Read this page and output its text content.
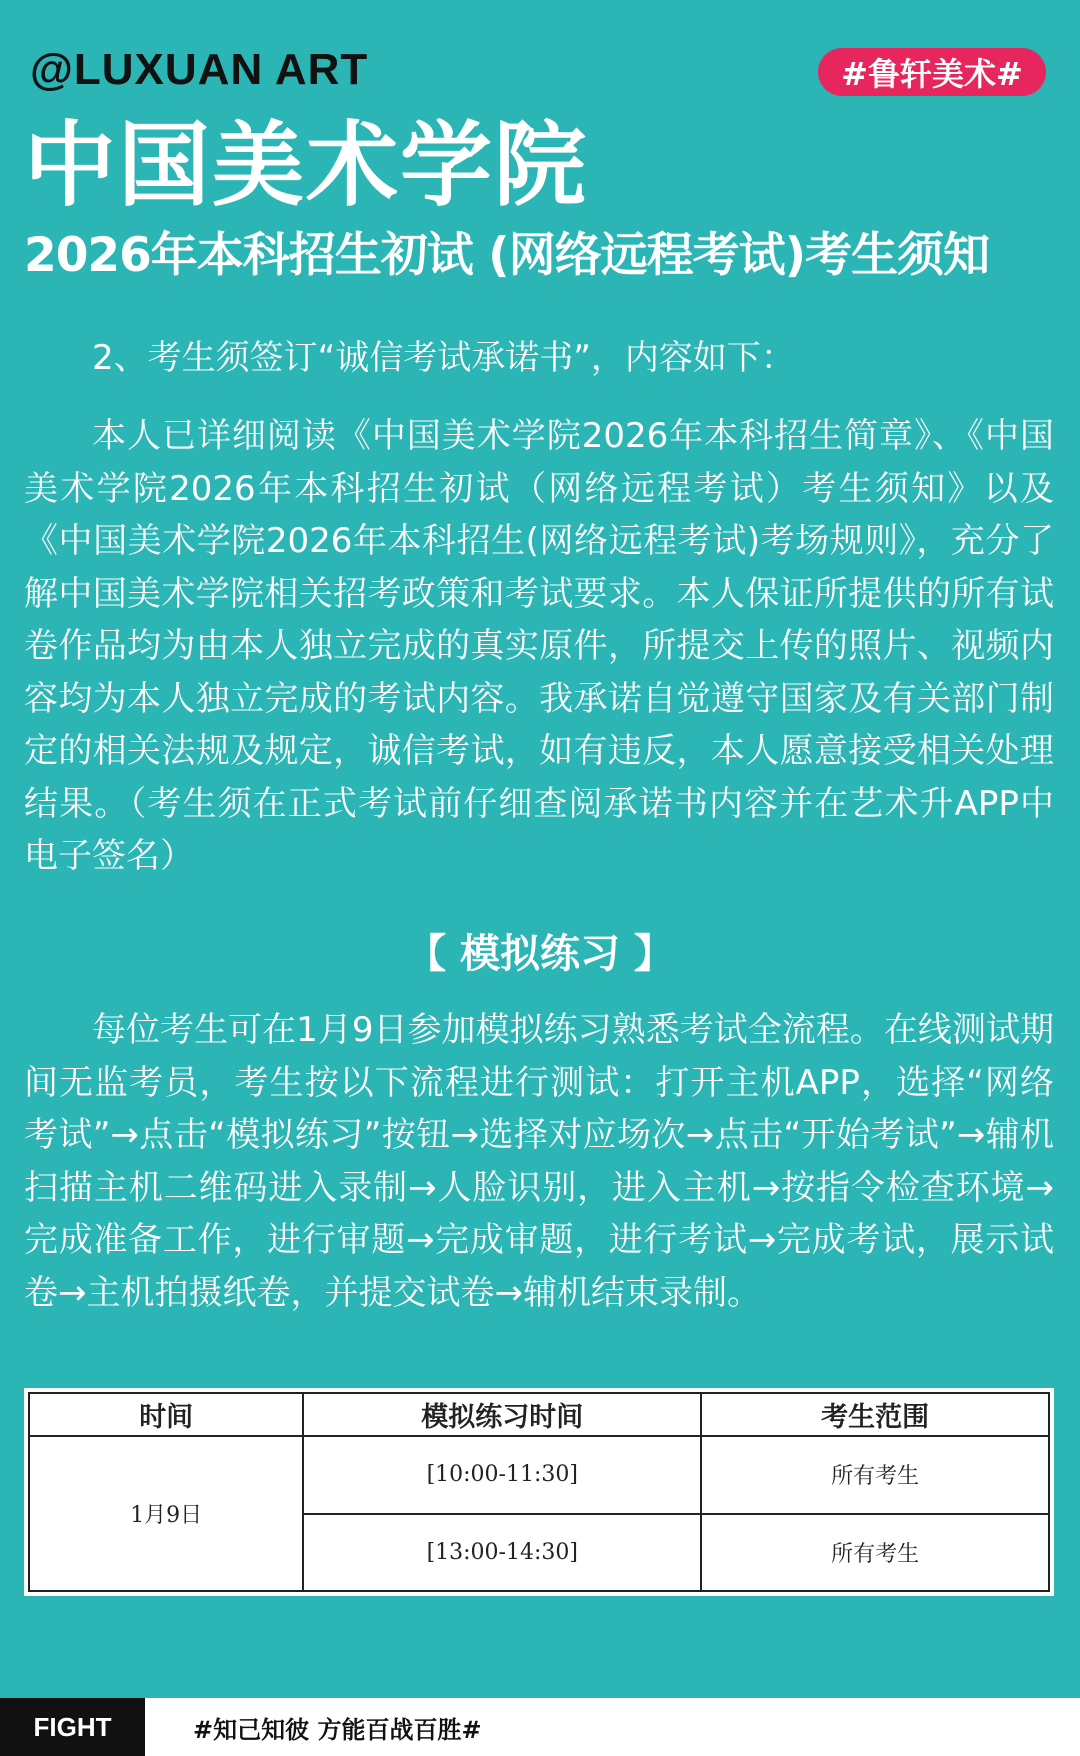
@LUXUAN ART	#鲁轩美术#
中国美术学院
2026年本科招生初试 (网络远程考试)考生须知
2、考生须签订“诚信考试承诺书”，内容如下：
本人已详细阅读《中国美术学院2026年本科招生简章》、《中国美术学院2026年本科招生初试（网络远程考试）考生须知》以及《中国美术学院2026年本科招生(网络远程考试)考场规则》，充分了解中国美术学院相关招考政策和考试要求。本人保证所提供的所有试卷作品均为由本人独立完成的真实原件，所提交上传的照片、视频内容均为本人独立完成的考试内容。我承诺自觉遵守国家及有关部门制定的相关法规及规定，诚信考试，如有违反，本人愿意接受相关处理结果。（考生须在正式考试前仔细查阅承诺书内容并在艺术升APP中电子签名）
【 模拟练习 】
每位考生可在1月9日参加模拟练习熟悉考试全流程。在线测试期间无监考员，考生按以下流程进行测试：打开主机APP，选择“网络考试”→点击“模拟练习”按钮→选择对应场次→点击“开始考试”→辅机扫描主机二维码进入录制→人脸识别，进入主机→按指令检查环境→完成准备工作，进行审题→完成审题，进行考试→完成考试，展示试卷→主机拍摄纸卷，并提交试卷→辅机结束录制。
时间	模拟练习时间	考生范围
1月9日	[10:00-11:30]	所有考生
	[13:00-14:30]	所有考生
FIGHT	#知己知彼 方能百战百胜#
